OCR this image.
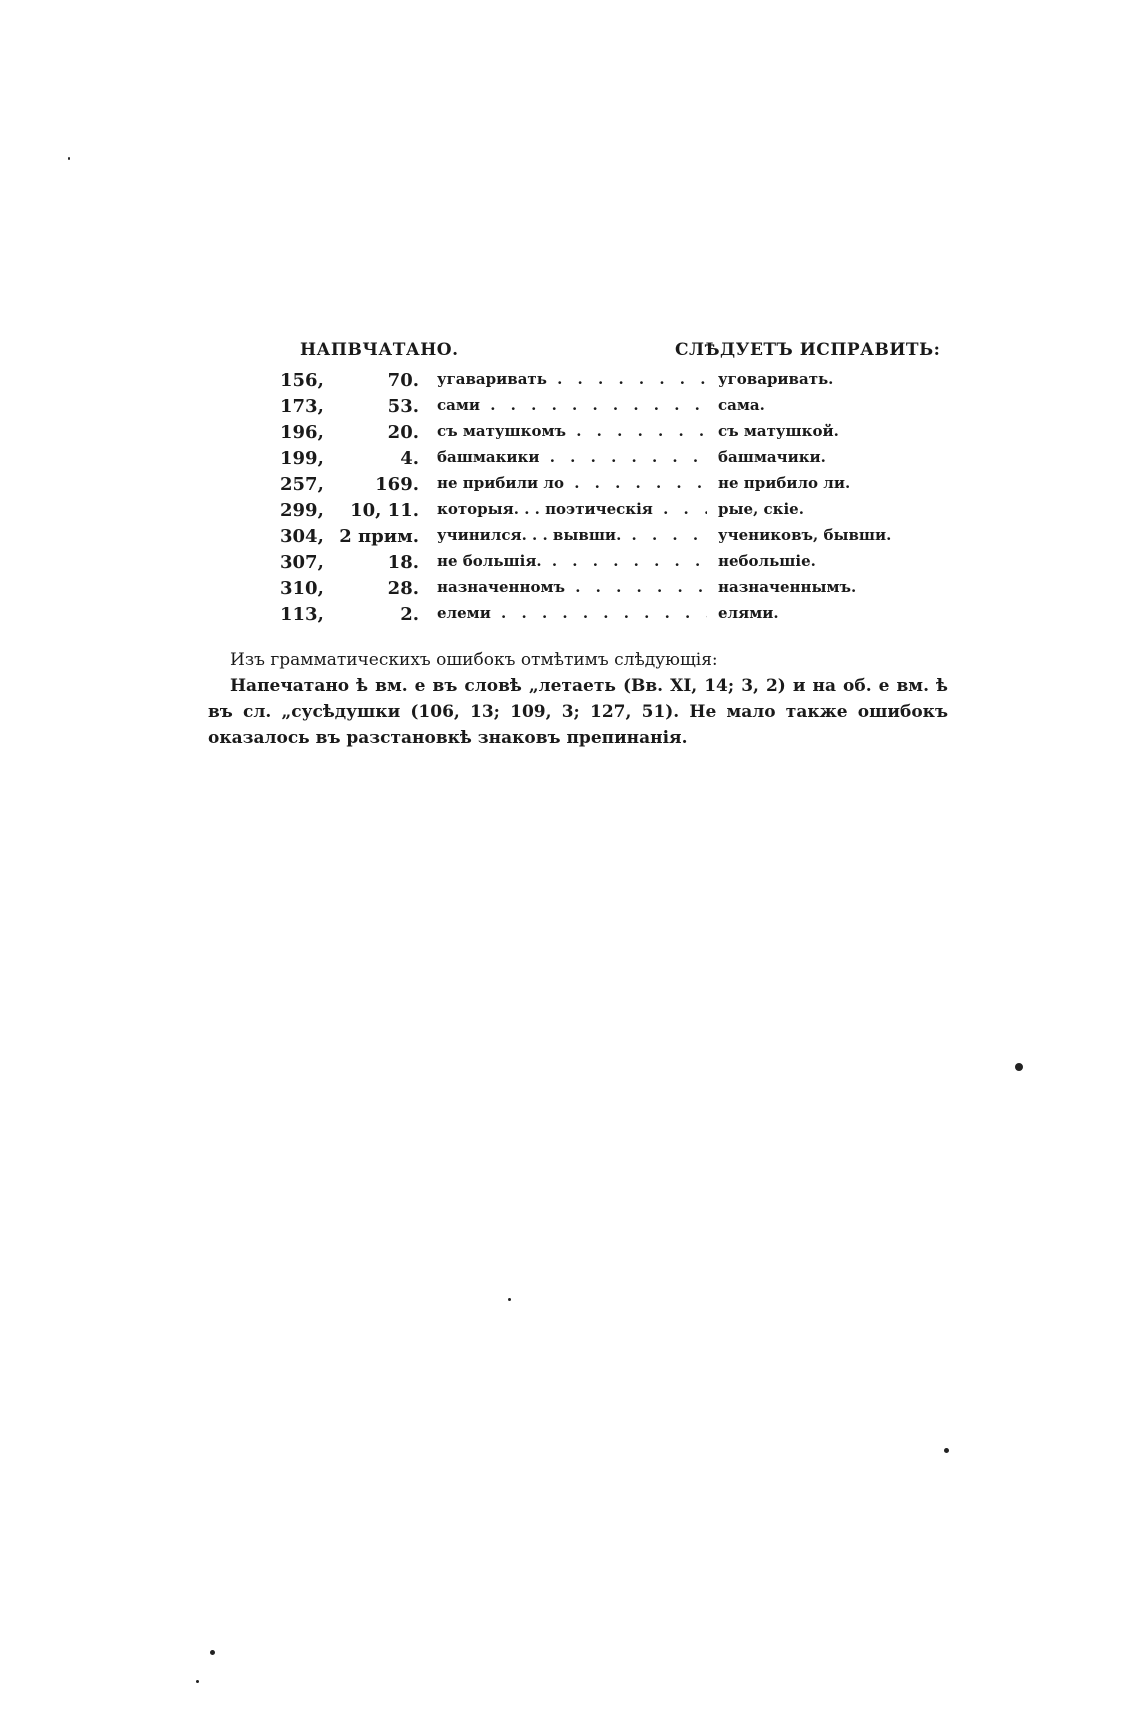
НАПВЧАТАНО.	СЛѢДУЕТЪ ИСПРАВИТЬ:
156,	70. угаваривать . . .	уговаривать.
173,	53. сами . . .	сама.
196,	20. съ матушкомъ . . .	съ матушкой.
199,	4. башмакики . . .	башмачики.
257,	169. не прибили ло . . .	не прибило ли.
299,	10, 11. которыя. . . поэтическія . . .	рые, скіе.
304, 2 прим. учинился. . . вывши. . . .	учениковъ, бывши.
307,	18. не большія. . . .	небольшіе.
310,	28. назначенномъ . . .	назначеннымъ.
113,	2. елеми . . .	елями.

Изъ грамматическихъ ошибокъ отмѣтимъ слѣдующія:

Напечатано ѣ вм. е въ словѣ „летаеть (Вв. XI, 14; 3, 2) и на об. е вм. ѣ въ сл. „сусѣдушки (106, 13; 109, 3; 127, 51). Не мало также ошибокъ оказалось въ разстановкѣ знаковъ препинанія.
